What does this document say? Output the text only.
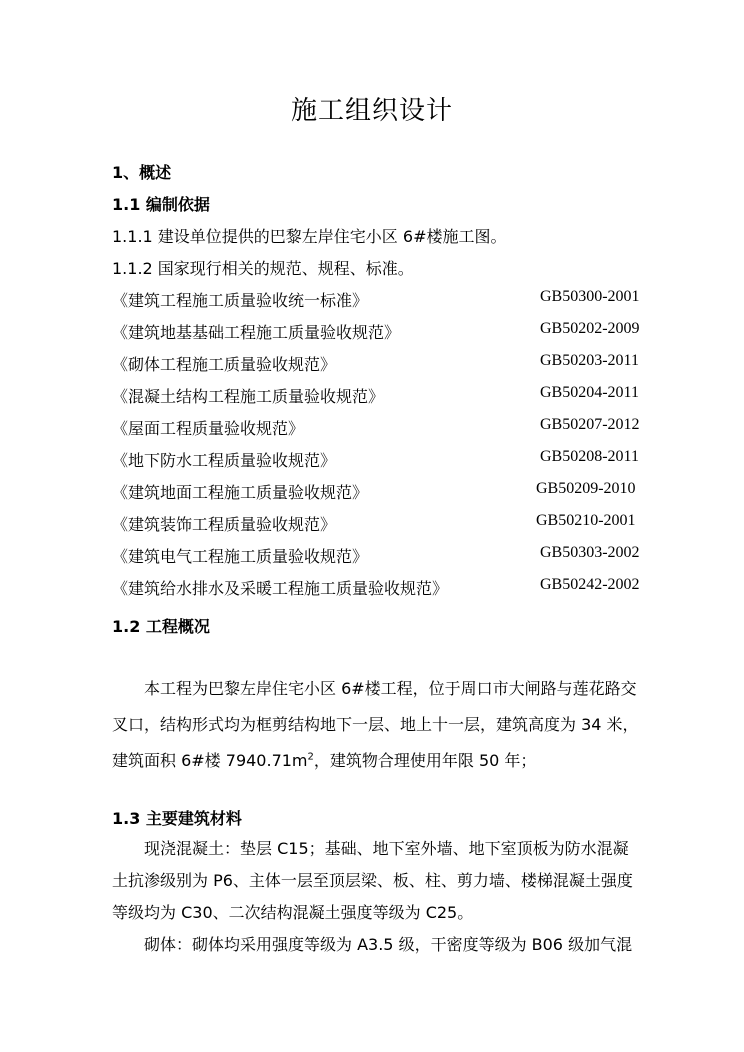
施工组织设计
1、概述
1.1 编制依据
1.1.1 建设单位提供的巴黎左岸住宅小区 6#楼施工图。
1.1.2 国家现行相关的规范、规程、标准。
《建筑工程施工质量验收统一标准》	GB50300-2001
《建筑地基基础工程施工质量验收规范》	GB50202-2009
《砌体工程施工质量验收规范》	GB50203-2011
《混凝土结构工程施工质量验收规范》	GB50204-2011
《屋面工程质量验收规范》	GB50207-2012
《地下防水工程质量验收规范》	GB50208-2011
《建筑地面工程施工质量验收规范》	GB50209-2010
《建筑装饰工程质量验收规范》	GB50210-2001
《建筑电气工程施工质量验收规范》	GB50303-2002
《建筑给水排水及采暖工程施工质量验收规范》	GB50242-2002
1.2 工程概况
本工程为巴黎左岸住宅小区 6#楼工程，位于周口市大闸路与莲花路交
叉口，结构形式均为框剪结构地下一层、地上十一层，建筑高度为 34 米，
建筑面积 6#楼 $7940.71m^2$，建筑物合理使用年限 50 年；
1.3 主要建筑材料
现浇混凝土：垫层 C15；基础、地下室外墙、地下室顶板为防水混凝
土抗渗级别为 P6、主体一层至顶层梁、板、柱、剪力墙、楼梯混凝土强度
等级均为 C30、二次结构混凝土强度等级为 C25。
砌体：砌体均采用强度等级为 A3.5 级，干密度等级为 B06 级加气混
